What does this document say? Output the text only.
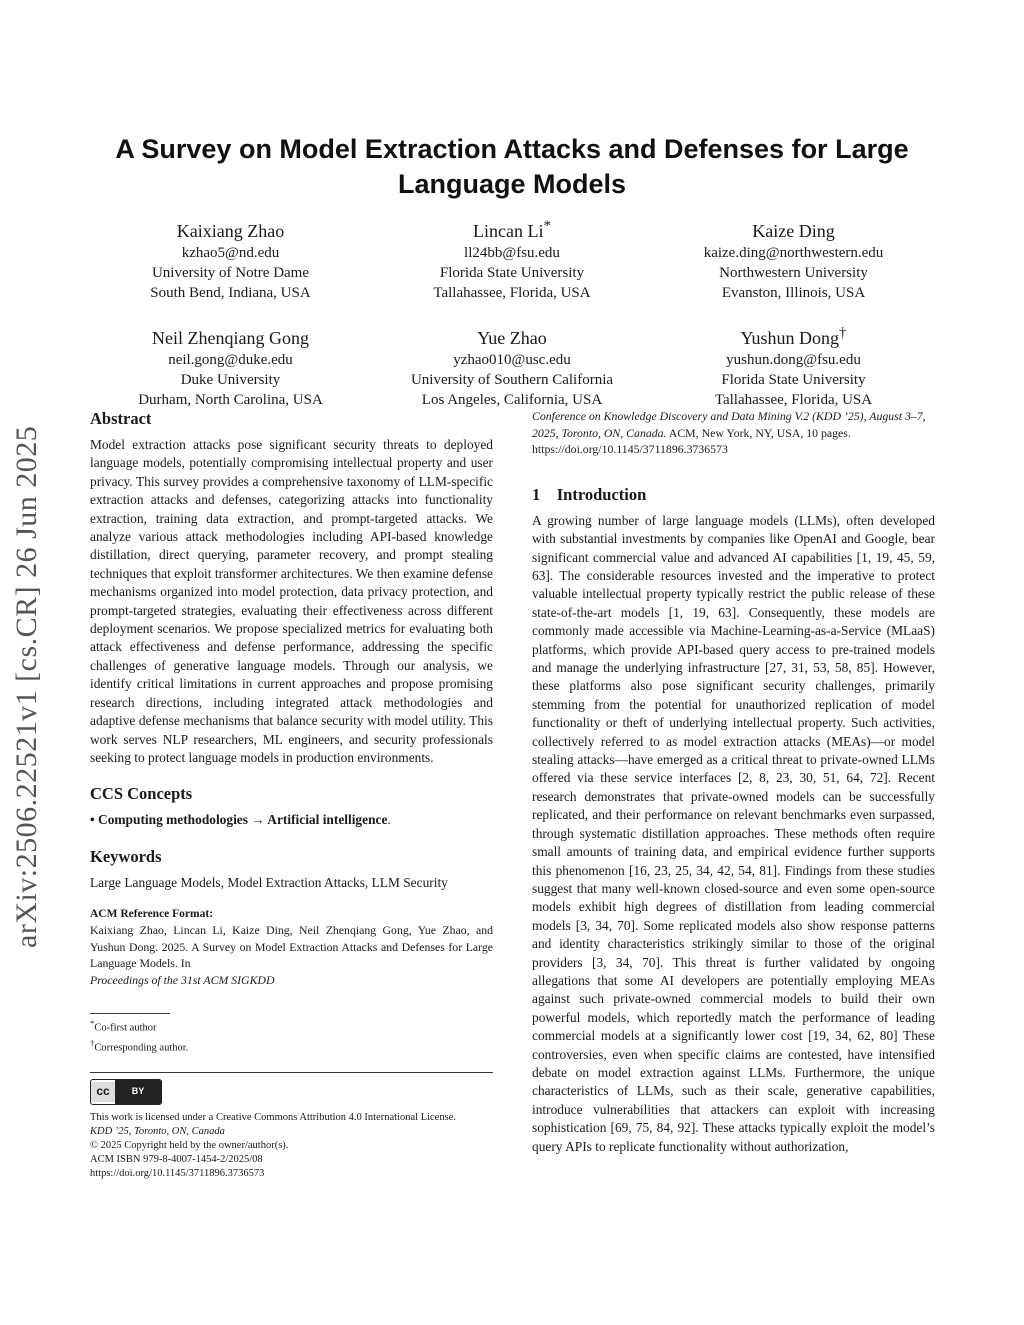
arXiv:2506.22521v1 [cs.CR] 26 Jun 2025
A Survey on Model Extraction Attacks and Defenses for Large Language Models
Kaixiang Zhao
kzhao5@nd.edu
University of Notre Dame
South Bend, Indiana, USA
Lincan Li*
ll24bb@fsu.edu
Florida State University
Tallahassee, Florida, USA
Kaize Ding
kaize.ding@northwestern.edu
Northwestern University
Evanston, Illinois, USA
Neil Zhenqiang Gong
neil.gong@duke.edu
Duke University
Durham, North Carolina, USA
Yue Zhao
yzhao010@usc.edu
University of Southern California
Los Angeles, California, USA
Yushun Dong†
yushun.dong@fsu.edu
Florida State University
Tallahassee, Florida, USA
Abstract

Model extraction attacks pose significant security threats to deployed language models, potentially compromising intellectual property and user privacy. This survey provides a comprehensive taxonomy of LLM-specific extraction attacks and defenses, categorizing attacks into functionality extraction, training data extraction, and prompt-targeted attacks. We analyze various attack methodologies including API-based knowledge distillation, direct querying, parameter recovery, and prompt stealing techniques that exploit transformer architectures. We then examine defense mechanisms organized into model protection, data privacy protection, and prompt-targeted strategies, evaluating their effectiveness across different deployment scenarios. We propose specialized metrics for evaluating both attack effectiveness and defense performance, addressing the specific challenges of generative language models. Through our analysis, we identify critical limitations in current approaches and propose promising research directions, including integrated attack methodologies and adaptive defense mechanisms that balance security with model utility. This work serves NLP researchers, ML engineers, and security professionals seeking to protect language models in production environments.

CCS Concepts

• Computing methodologies → Artificial intelligence.

Keywords

Large Language Models, Model Extraction Attacks, LLM Security

ACM Reference Format:

Kaixiang Zhao, Lincan Li, Kaize Ding, Neil Zhenqiang Gong, Yue Zhao, and Yushun Dong. 2025. A Survey on Model Extraction Attacks and Defenses for Large Language Models. In

Proceedings of the 31st ACM SIGKDD

*Co-first author
†Corresponding author.
cc	BY
This work is licensed under a Creative Commons Attribution 4.0 International License.
KDD ’25, Toronto, ON, Canada
© 2025 Copyright held by the owner/author(s).
ACM ISBN 979-8-4007-1454-2/2025/08
https://doi.org/10.1145/3711896.3736573

Conference on Knowledge Discovery and Data Mining V.2 (KDD ’25), August 3–7, 2025, Toronto, ON, Canada. ACM, New York, NY, USA, 10 pages. https://doi.org/10.1145/3711896.3736573

1    Introduction

A growing number of large language models (LLMs), often developed with substantial investments by companies like OpenAI and Google, bear significant commercial value and advanced AI capabilities [1, 19, 45, 59, 63]. The considerable resources invested and the imperative to protect valuable intellectual property typically restrict the public release of these state-of-the-art models [1, 19, 63]. Consequently, these models are commonly made accessible via Machine-Learning-as-a-Service (MLaaS) platforms, which provide API-based query access to pre-trained models and manage the underlying infrastructure [27, 31, 53, 58, 85]. However, these platforms also pose significant security challenges, primarily stemming from the potential for unauthorized replication of model functionality or theft of underlying intellectual property. Such activities, collectively referred to as model extraction attacks (MEAs)—or model stealing attacks—have emerged as a critical threat to private-owned LLMs offered via these service interfaces [2, 8, 23, 30, 51, 64, 72]. Recent research demonstrates that private-owned models can be successfully replicated, and their performance on relevant benchmarks even surpassed, through systematic distillation approaches. These methods often require small amounts of training data, and empirical evidence further supports this phenomenon [16, 23, 25, 34, 42, 54, 81]. Findings from these studies suggest that many well-known closed-source and even some open-source models exhibit high degrees of distillation from leading commercial models [3, 34, 70]. Some replicated models also show response patterns and identity characteristics strikingly similar to those of the original providers [3, 34, 70]. This threat is further validated by ongoing allegations that some AI developers are potentially employing MEAs against such private-owned commercial models to build their own powerful models, which reportedly match the performance of leading commercial models at a significantly lower cost [19, 34, 62, 80] These controversies, even when specific claims are contested, have intensified debate on model extraction against LLMs. Furthermore, the unique characteristics of LLMs, such as their scale, generative capabilities, introduce vulnerabilities that attackers can exploit with increasing sophistication [69, 75, 84, 92]. These attacks typically exploit the model’s query APIs to replicate functionality without authorization,
